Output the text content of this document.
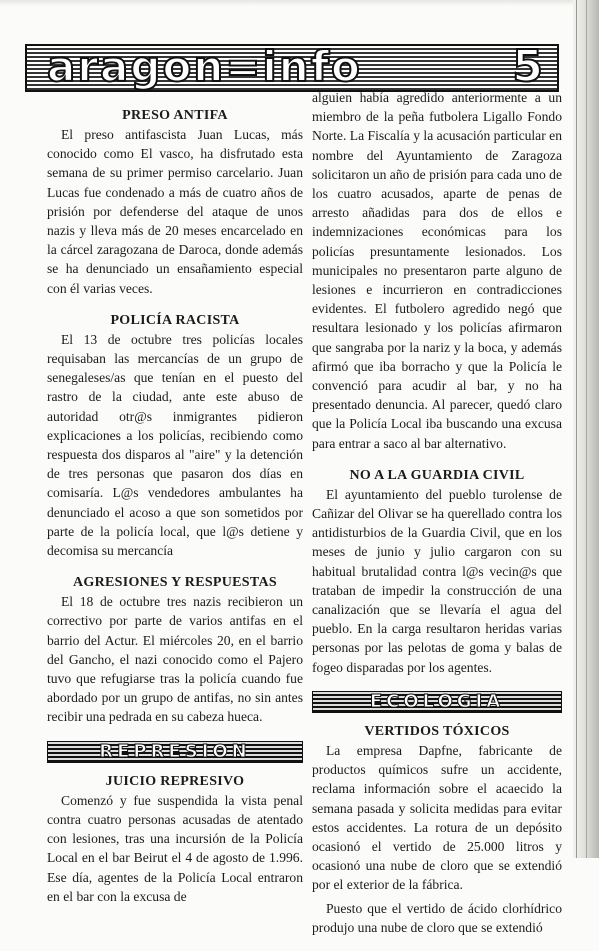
aragon=info	5
PRESO ANTIFA

El preso antifascista Juan Lucas, más conocido como El vasco, ha disfrutado esta semana de su primer permiso carcelario. Juan Lucas fue condenado a más de cuatro años de prisión por defenderse del ataque de unos nazis y lleva más de 20 meses encarcelado en la cárcel zaragozana de Daroca, donde además se ha denunciado un ensañamiento especial con él varias veces.

POLICÍA RACISTA

El 13 de octubre tres policías locales requisaban las mercancías de un grupo de senegaleses/as que tenían en el puesto del rastro de la ciudad, ante este abuso de autoridad otr@s inmigrantes pidieron explicaciones a los policías, recibiendo como respuesta dos disparos al "aire" y la detención de tres personas que pasaron dos días en comisaría. L@s vendedores ambulantes ha denunciado el acoso a que son sometidos por parte de la policía local, que l@s detiene y decomisa su mercancía

AGRESIONES Y RESPUESTAS

El 18 de octubre tres nazis recibieron un correctivo por parte de varios antifas en el barrio del Actur. El miércoles 20, en el barrio del Gancho, el nazi conocido como el Pajero tuvo que refugiarse tras la policía cuando fue abordado por un grupo de antifas, no sin antes recibir una pedrada en su cabeza hueca.

REPRESION
JUICIO REPRESIVO

Comenzó y fue suspendida la vista penal contra cuatro personas acusadas de atentado con lesiones, tras una incursión de la Policía Local en el bar Beirut el 4 de agosto de 1.996. Ese día, agentes de la Policía Local entraron en el bar con la excusa de

alguien había agredido anteriormente a un miembro de la peña futbolera Ligallo Fondo Norte. La Fiscalía y la acusación particular en nombre del Ayuntamiento de Zaragoza solicitaron un año de prisión para cada uno de los cuatro acusados, aparte de penas de arresto añadidas para dos de ellos e indemnizaciones económicas para los policías presuntamente lesionados. Los municipales no presentaron parte alguno de lesiones e incurrieron en contradicciones evidentes. El futbolero agredido negó que resultara lesionado y los policías afirmaron que sangraba por la nariz y la boca, y además afirmó que iba borracho y que la Policía le convenció para acudir al bar, y no ha presentado denuncia. Al parecer, quedó claro que la Policía Local iba buscando una excusa para entrar a saco al bar alternativo.

NO A LA GUARDIA CIVIL

El ayuntamiento del pueblo turolense de Cañizar del Olivar se ha querellado contra los antidisturbios de la Guardia Civil, que en los meses de junio y julio cargaron con su habitual brutalidad contra l@s vecin@s que trataban de impedir la construcción de una canalización que se llevaría el agua del pueblo. En la carga resultaron heridas varias personas por las pelotas de goma y balas de fogeo disparadas por los agentes.

ECOLOGIA
VERTIDOS TÓXICOS

La empresa Dapfne, fabricante de productos químicos sufre un accidente, reclama información sobre el acaecido la semana pasada y solicita medidas para evitar estos accidentes. La rotura de un depósito ocasionó el vertido de 25.000 litros y ocasionó una nube de cloro que se extendió por el exterior de la fábrica.

Puesto que el vertido de ácido clorhídrico produjo una nube de cloro que se extendió
